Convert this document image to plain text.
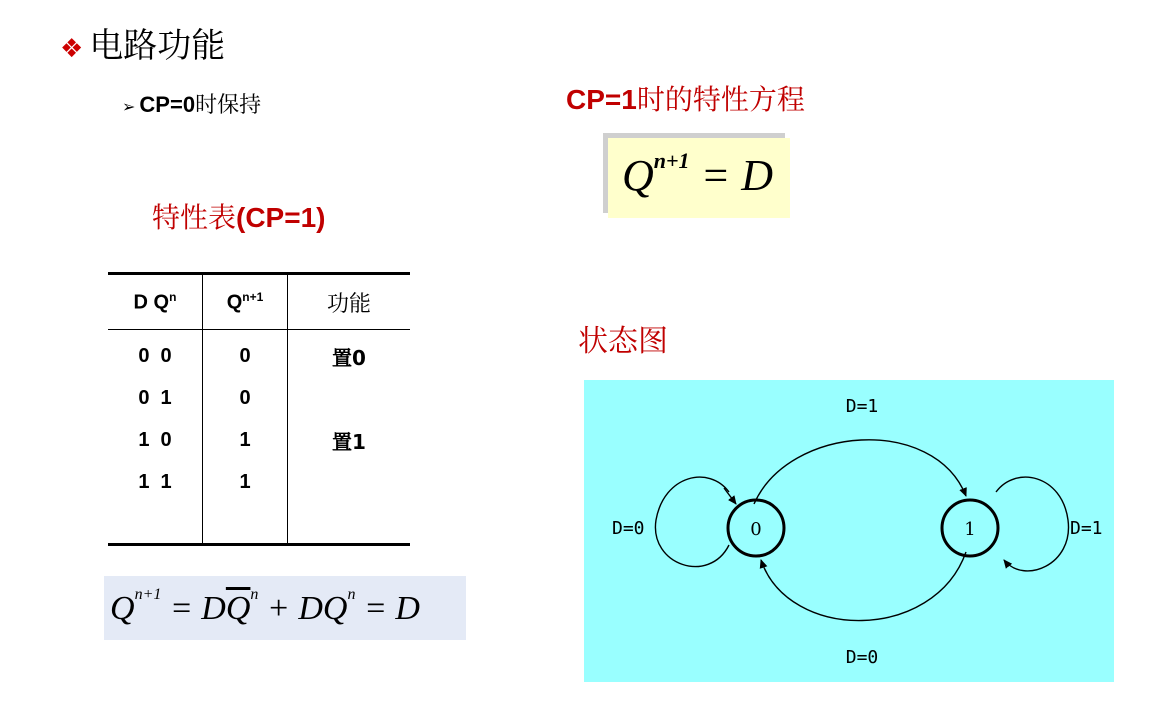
❖ 电路功能
➢ CP=0时保持	CP=1时的特性方程
$Q^{n+1} = D$
特性表(CP=1)
D $Q^n$	$Q^{n+1}$	功能
0  0	0	置0
0  1	0	
1  0	1	置1
1  1	1	

$Q^{n+1} = D\overline{Q}^n + DQ^n = D$
状态图
0	1
D=1
D=0
D=0	D=1
